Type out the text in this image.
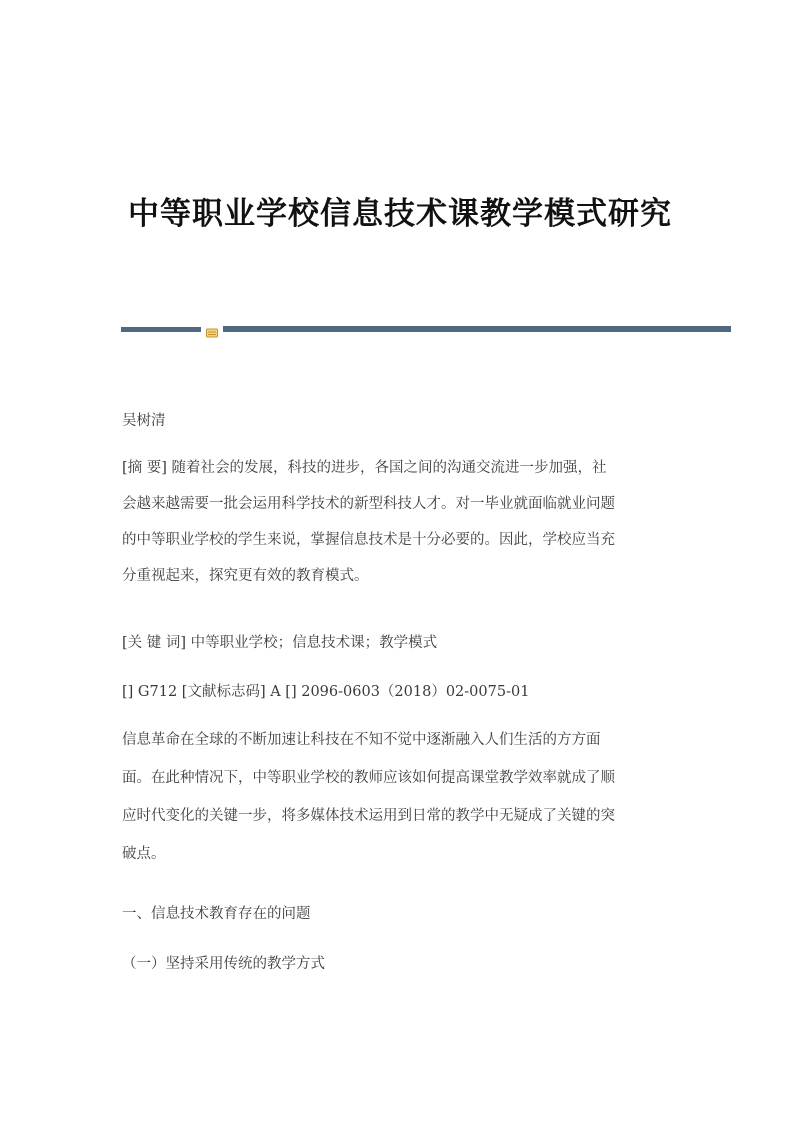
中等职业学校信息技术课教学模式研究
吴树清
[摘 要] 随着社会的发展，科技的进步，各国之间的沟通交流进一步加强，社
会越来越需要一批会运用科学技术的新型科技人才。对一毕业就面临就业问题
的中等职业学校的学生来说，掌握信息技术是十分必要的。因此，学校应当充
分重视起来，探究更有效的教育模式。
[关 键 词] 中等职业学校；信息技术课；教学模式
[] G712 [文献标志码] A [] 2096-0603（2018）02-0075-01
信息革命在全球的不断加速让科技在不知不觉中逐渐融入人们生活的方方面
面。在此种情况下，中等职业学校的教师应该如何提高课堂教学效率就成了顺
应时代变化的关键一步，将多媒体技术运用到日常的教学中无疑成了关键的突
破点。
一、信息技术教育存在的问题
（一）坚持采用传统的教学方式
